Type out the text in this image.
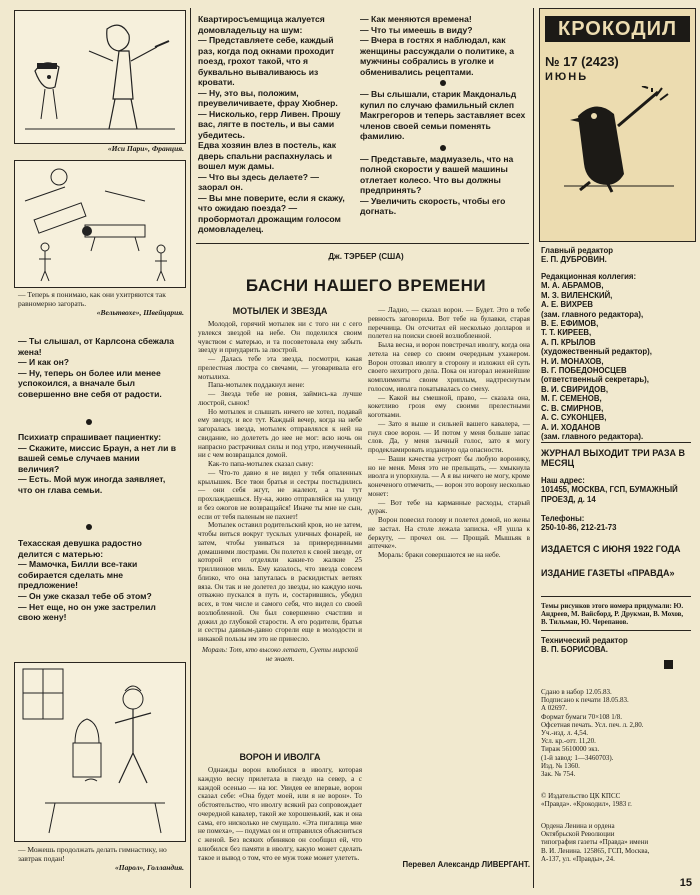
«Иси Пари», Франция.
— Теперь я понимаю, как они ухитряются так равномерно загорать.
«Вельтвохе», Швейцария.

— Ты слышал, от Карлсона сбежала жена!

— И как он?

— Ну, теперь он более или менее успокоился, а вначале был совершенно вне себя от радости.

Психиатр спрашивает пациентку:

— Скажите, миссис Браун, а нет ли в вашей семье случаев мании величия?

— Есть. Мой муж иногда заявляет, что он глава семьи.

Техасская девушка радостно делится с матерью:

— Мамочка, Билли все-таки собирается сделать мне предложение!

— Он уже сказал тебе об этом?

— Нет еще, но он уже застрелил свою жену!

— Можешь продолжать делать гимнастику, но завтрак подан!
«Парол», Голландия.

Квартиросъемщица жалуется домовладельцу на шум:

— Представляете себе, каждый раз, когда под окнами проходит поезд, грохот такой, что я буквально вываливаюсь из кровати.

— Ну, это вы, положим, преувеличиваете, фрау Хюбнер.

— Нисколько, герр Ливен. Прошу вас, лягте в постель, и вы сами убедитесь.

Едва хозяин влез в постель, как дверь спальни распахнулась и вошел муж дамы.

— Что вы здесь делаете? — заорал он.

— Вы мне поверите, если я скажу, что ожидаю поезда? — пробормотал дрожащим голосом домовладелец.

— Как меняются времена!

— Что ты имеешь в виду?

— Вчера в гостях я наблюдал, как женщины рассуждали о политике, а мужчины собрались в уголке и обменивались рецептами.

— Вы слышали, старик Макдональд купил по случаю фамильный склеп Макгрегоров и теперь заставляет всех членов своей семьи поменять фамилию.

— Представьте, мадмуазель, что на полной скорости у вашей машины отлетает колесо. Что вы должны предпринять?

— Увеличить скорость, чтобы его догнать.

Дж. ТЭРБЕР (США)
БАСНИ НАШЕГО ВРЕМЕНИ
МОТЫЛЕК И ЗВЕЗДА

Молодой, горячий мотылек ни с того ни с сего увлекся звездой на небе. Он поделился своим чувством с матерью, и та посоветовала ему забыть звезду и приударить за люстрой.

— Далась тебе эта звезда, посмотри, какая прелестная люстра со свечами, — уговаривала его мотылиха.

Папа-мотылек поддакнул жене:

— Звезда тебе не ровня, займись-ка лучше люстрой, сынок!

Но мотылек и слышать ничего не хотел, подавай ему звезду, и все тут. Каждый вечер, когда на небе загоралась звезда, мотылек отправлялся к ней на свидание, но долететь до нее не мог: всю ночь он напрасно растрачивал силы и под утро, измученный, ни с чем возвращался домой.

Как-то папа-мотылек сказал сыну:

— Что-то давно я не видел у тебя опаленных крылышек. Все твои братья и сестры постыдились — они себя жгут, не жалеют, а ты тут прохлаждаешься. Ну-ка, живо отправляйся на улицу и без ожогов не возвращайся! Иначе ты мне не сын, если от тебя паленым не пахнет!

Мотылек оставил родительский кров, но не затем, чтобы виться вокруг тусклых уличных фонарей, не затем, чтобы увиваться за приверединными домашними люстрами. Он полетел к своей звезде, от которой его отделяли какие-то жалкие 25 триллионов миль. Ему казалось, что звезда совсем близко, что она запуталась в раскидистых ветвях вяза. Он так и не долетел до звезды, но каждую ночь отважно пускался в путь и, состарившись, убедил всех, в том числе и самого себя, что видел со своей возлюбленной. Он был совершенно счастлив и дожил до глубокой старости. А его родители, братья и сестры давным-давно сгорели еще в молодости и никакой пользы им это не принесло.

Мораль: Тот, кто высоко летает, Суеты мирской не знает.

ВОРОН И ИВОЛГА

Однажды ворон влюбился в иволгу, которая каждую весну прилетала в гнездо на север, а с каждой осенью — на юг. Увидев ее впервые, ворон сказал себе: «Она будет моей, или я не ворон». То обстоятельство, что иволгу всякий раз сопровождает очередной кавалер, такой же хорошенький, как и она сама, его нисколько не смущало. «Эта пигалица мне не помеха», — подумал он и отправился объясниться с женой. Без всяких обиняков он сообщил ей, что влюбился без памяти в иволгу, какую может сделать такое и вывод о том, что ее муж тоже может улететь.

— Ладно, — сказал ворон. — Будет. Это в тебе ревность заговорила. Вот тебе на булавки, старая перечница. Он отсчитал ей несколько долларов и полетел на поиски своей возлюбленной.

Была весна, и ворон повстречал иволгу, когда она летела на север со своим очередным ухажером. Ворон отозвал иволгу в сторону и изложил ей суть своего нехитрого дела. Пока он изгорал нежнейшие комплименты своим хриплым, надтреснутым голосом, иволга покатывалась со смеху.

— Какой вы смешной, право, — сказала она, кокетливо грозя ему своими прелестными коготками.

— Зато я выше и сильней вашего кавалера, — гнул свое ворон. — И потом у меня больше запас слов. Да, у меня зычный голос, зато я могу продекламировать изданную ода опасности.

— Ваши качества устроят бы любую воронику, но не меня. Меня это не прельщать, — хмыкнула иволга и упорхнула. — А я вы ничего не могу, кроме конеченого отмечить, — ворон это ворону несколько монет:

— Вот тебе на карманные расходы, старый дурак.

Ворон повесил голову и полетел домой, но жены не застал. На столе лежала записка. «Я ушла к беркуту, — прочел он. — Прощай. Мышьяк в аптечке».

Мораль: браки совершаются не на небе.

Перевел Александр ЛИВЕРГАНТ.
КРОКОДИЛ
№ 17 (2423)
ИЮНЬ

Главный редактор

Е. П. ДУБРОВИН.

Редакционная коллегия:

М. А. АБРАМОВ,

М. З. ВИЛЕНСКИЙ,

А. Е. ВИХРЕВ

(зам. главного редактора),

В. Е. ЕФИМОВ,

Т. Т. КИРЕЕВ,

А. П. КРЫЛОВ

(художественный редактор),

Н. И. МОНАХОВ,

В. Г. ПОБЕДОНОСЦЕВ

(ответственный секретарь),

В. И. СВИРИДОВ,

М. Г. СЕМЕНОВ,

С. В. СМИРНОВ,

А. С. СУКОНЦЕВ,

А. И. ХОДАНОВ

(зам. главного редактора).

ЖУРНАЛ ВЫХОДИТ ТРИ РАЗА В МЕСЯЦ

Наш адрес:

101455, МОСКВА, ГСП, БУМАЖНЫЙ ПРОЕЗД, д. 14

Телефоны:

250-10-86, 212-21-73

ИЗДАЕТСЯ С ИЮНЯ 1922 ГОДА
ИЗДАНИЕ ГАЗЕТЫ «ПРАВДА»
Темы рисунков этого номера придумали: Ю. Андреев, М. Вайсборд, Р. Друкман, В. Мохов, В. Тильман, Ю. Черепанов.

Технический редактор

В. П. БОРИСОВА.

Сдано в набор 12.05.83.

Подписано к печати 18.05.83.

А 02697.

Формат бумаги 70×108 1/8.

Офсетная печать. Усл. печ. л. 2,80. Уч.-изд. л. 4,54.

Усл. кр.-отт. 11,20.

Тираж 5610000 экз.

(1-й завод: 1—3460703).

Изд. № 1360.

Зак. № 754.

© Издательство ЦК КПСС «Правда». «Крокодил», 1983 г.
Ордена Ленина и ордена Октябрьской Революции типография газеты «Правда» имени В. И. Ленина. 125865, ГСП, Москва, А-137, ул. «Правды», 24.
15
